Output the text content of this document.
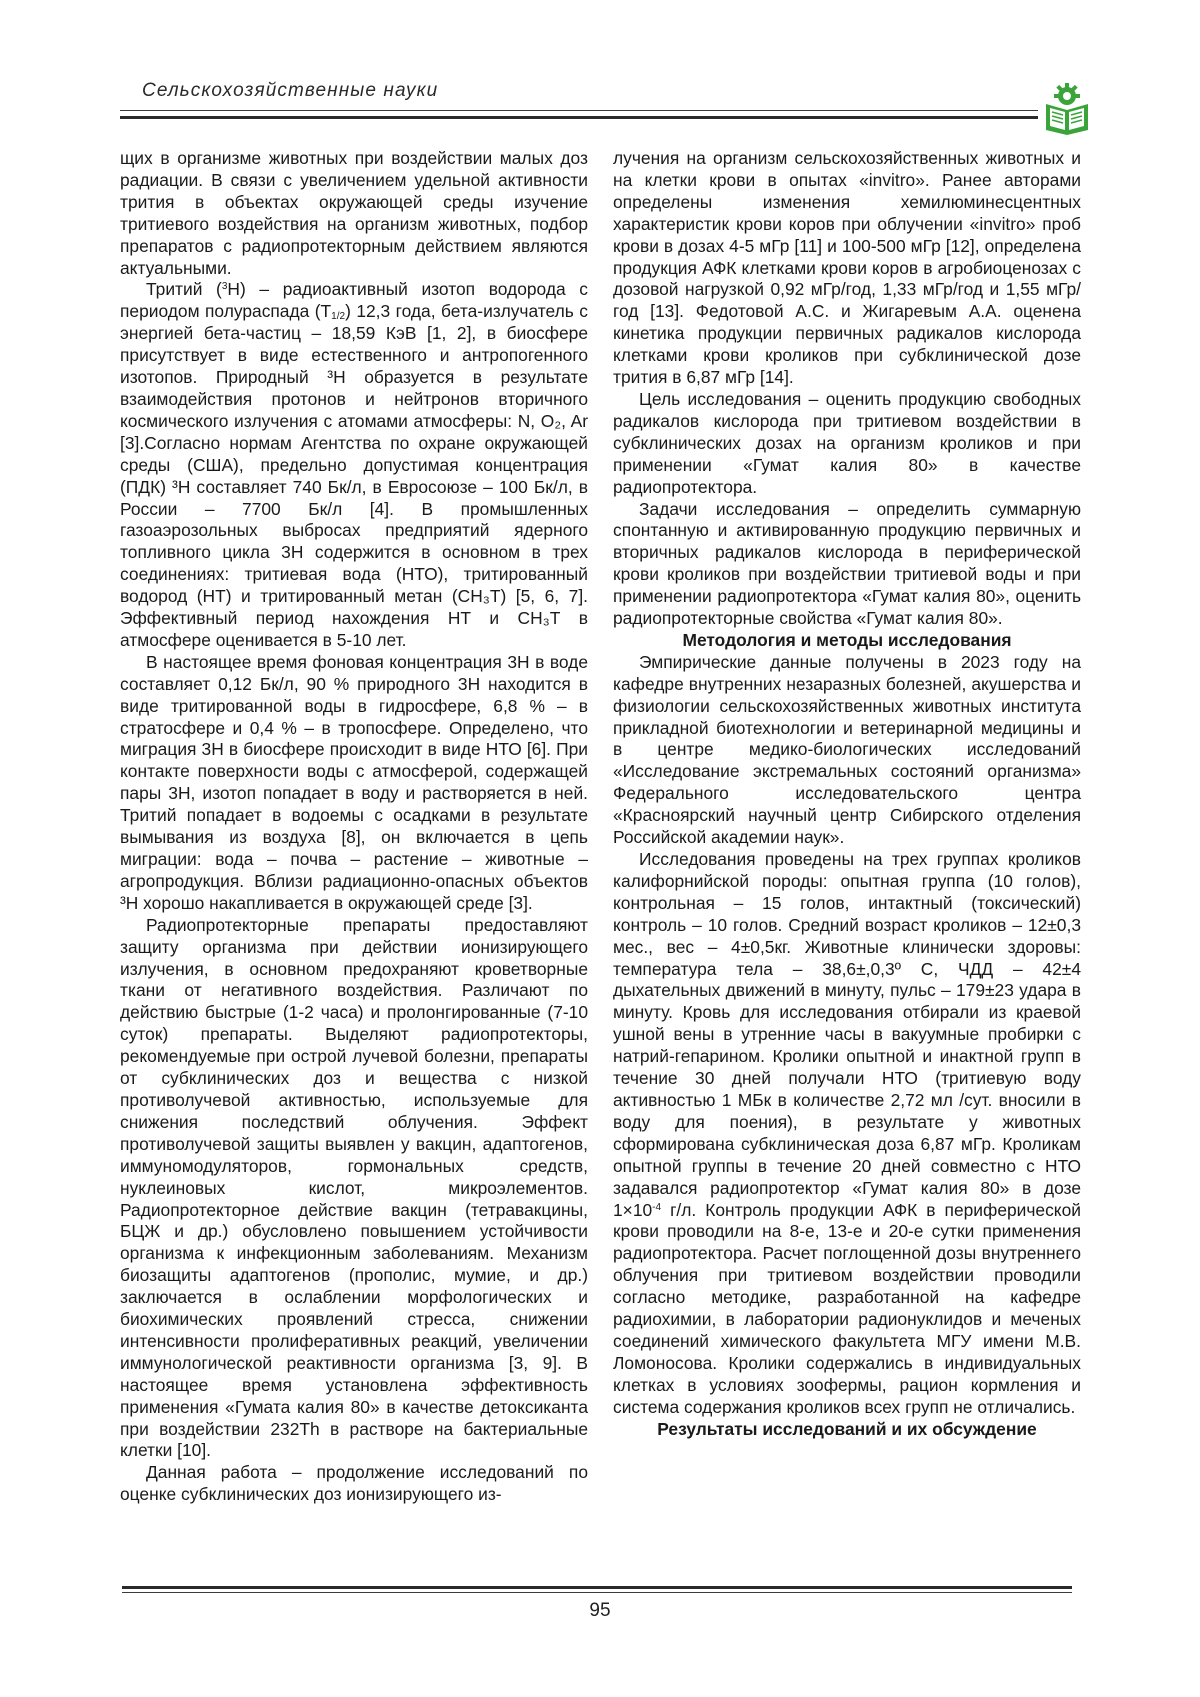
Сельскохозяйственные науки

щих в организме животных при воздействии малых доз радиации. В связи с увеличением удельной активности трития в объектах окружающей среды изучение тритиевого воздействия на организм животных, подбор препаратов с радиопротекторным действием являются актуальными.

Тритий ($^3$Н) – радиоактивный изотоп водорода с периодом полураспада $(Т_{1/2})$ 12,3 года, бета-излучатель с энергией бета-частиц – 18,59 КэВ [1, 2], в биосфере присутствует в виде естественного и антропогенного изотопов. Природный ³Н образуется в результате взаимодействия протонов и нейтронов вторичного космического излучения с атомами атмосферы: N, O₂, Ar [3].Согласно нормам Агентства по охране окружающей среды (США), предельно допустимая концентрация (ПДК) ³Н составляет 740 Бк/л, в Евросоюзе – 100 Бк/л, в России – 7700 Бк/л [4]. В промышленных газоаэрозольных выбросах предприятий ядерного топливного цикла 3Н содержится в основном в трех соединениях: тритиевая вода (НТО), тритированный водород (НТ) и тритированный метан (СН₃Т) [5, 6, 7]. Эффективный период нахождения НТ и СН₃Т в атмосфере оценивается в 5-10 лет.

В настоящее время фоновая концентрация 3Н в воде составляет 0,12 Бк/л, 90 % природного 3Н находится в виде тритированной воды в гидросфере, 6,8 % – в стратосфере и 0,4 % – в тропосфере. Определено, что миграция 3Н в биосфере происходит в виде НТО [6]. При контакте поверхности воды с атмосферой, содержащей пары 3Н, изотоп попадает в воду и растворяется в ней. Тритий попадает в водоемы с осадками в результате вымывания из воздуха [8], он включается в цепь миграции: вода – почва – растение – животные – агропродукция. Вблизи радиационно-опасных объектов ³Н хорошо накапливается в окружающей среде [3].

Радиопротекторные препараты предоставляют защиту организма при действии ионизирующего излучения, в основном предохраняют кроветворные ткани от негативного воздействия. Различают по действию быстрые (1-2 часа) и пролонгированные (7-10 суток) препараты. Выделяют радиопротекторы, рекомендуемые при острой лучевой болезни, препараты от субклинических доз и вещества с низкой противолучевой активностью, используемые для снижения последствий облучения. Эффект противолучевой защиты выявлен у вакцин, адаптогенов, иммуномодуляторов, гормональных средств, нуклеиновых кислот, микроэлементов. Радиопротекторное действие вакцин (тетравакцины, БЦЖ и др.) обусловлено повышением устойчивости организма к инфекционным заболеваниям. Механизм биозащиты адаптогенов (прополис, мумие, и др.) заключается в ослаблении морфологических и биохимических проявлений стресса, снижении интенсивности пролиферативных реакций, увеличении иммунологической реактивности организма [3, 9]. В настоящее время установлена эффективность применения «Гумата калия 80» в качестве детоксиканта при воздействии 232Th в растворе на бактериальные клетки [10].

Данная работа – продолжение исследований по оценке субклинических доз ионизирующего из-

лучения на организм сельскохозяйственных животных и на клетки крови в опытах «invitro». Ранее авторами определены изменения хемилюминесцентных характеристик крови коров при облучении «invitro» проб крови в дозах 4-5 мГр [11] и 100-500 мГр [12], определена продукция АФК клетками крови коров в агробиоценозах с дозовой нагрузкой 0,92 мГр/год, 1,33 мГр/год и 1,55 мГр/год [13]. Федотовой А.С. и Жигаревым А.А. оценена кинетика продукции первичных радикалов кислорода клетками крови кроликов при субклинической дозе трития в 6,87 мГр [14].

Цель исследования – оценить продукцию свободных радикалов кислорода при тритиевом воздействии в субклинических дозах на организм кроликов и при применении «Гумат калия 80» в качестве радиопротектора.

Задачи исследования – определить суммарную спонтанную и активированную продукцию первичных и вторичных радикалов кислорода в периферической крови кроликов при воздействии тритиевой воды и при применении радиопротектора «Гумат калия 80», оценить радиопротекторные свойства «Гумат калия 80».

Методология и методы исследования

Эмпирические данные получены в 2023 году на кафедре внутренних незаразных болезней, акушерства и физиологии сельскохозяйственных животных института прикладной биотехнологии и ветеринарной медицины и в центре медико-биологических исследований «Исследование экстремальных состояний организма» Федерального исследовательского центра «Красноярский научный центр Сибирского отделения Российской академии наук».

Исследования проведены на трех группах кроликов калифорнийской породы: опытная группа (10 голов), контрольная – 15 голов, интактный (токсический) контроль – 10 голов. Средний возраст кроликов – 12±0,3 мес., вес – 4±0,5кг. Животные клинически здоровы: температура тела – 38,6±,0,3º С, ЧДД – 42±4 дыхательных движений в минуту, пульс – 179±23 удара в минуту. Кровь для исследования отбирали из краевой ушной вены в утренние часы в вакуумные пробирки с натрий-гепарином. Кролики опытной и инактной групп в течение 30 дней получали НТО (тритиевую воду активностью 1 МБк в количестве 2,72 мл /сут. вносили в воду для поения), в результате у животных сформирована субклиническая доза 6,87 мГр. Кроликам опытной группы в течение 20 дней совместно с НТО задавался радиопротектор «Гумат калия 80» в дозе $1\times 10^{-4}$ г/л. Контроль продукции АФК в периферической крови проводили на 8-е, 13-е и 20-е сутки применения радиопротектора. Расчет поглощенной дозы внутреннего облучения при тритиевом воздействии проводили согласно методике, разработанной на кафедре радиохимии, в лаборатории радионуклидов и меченых соединений химического факультета МГУ имени М.В. Ломоносова. Кролики содержались в индивидуальных клетках в условиях зоофермы, рацион кормления и система содержания кроликов всех групп не отличались.

Результаты исследований и их обсуждение
95
